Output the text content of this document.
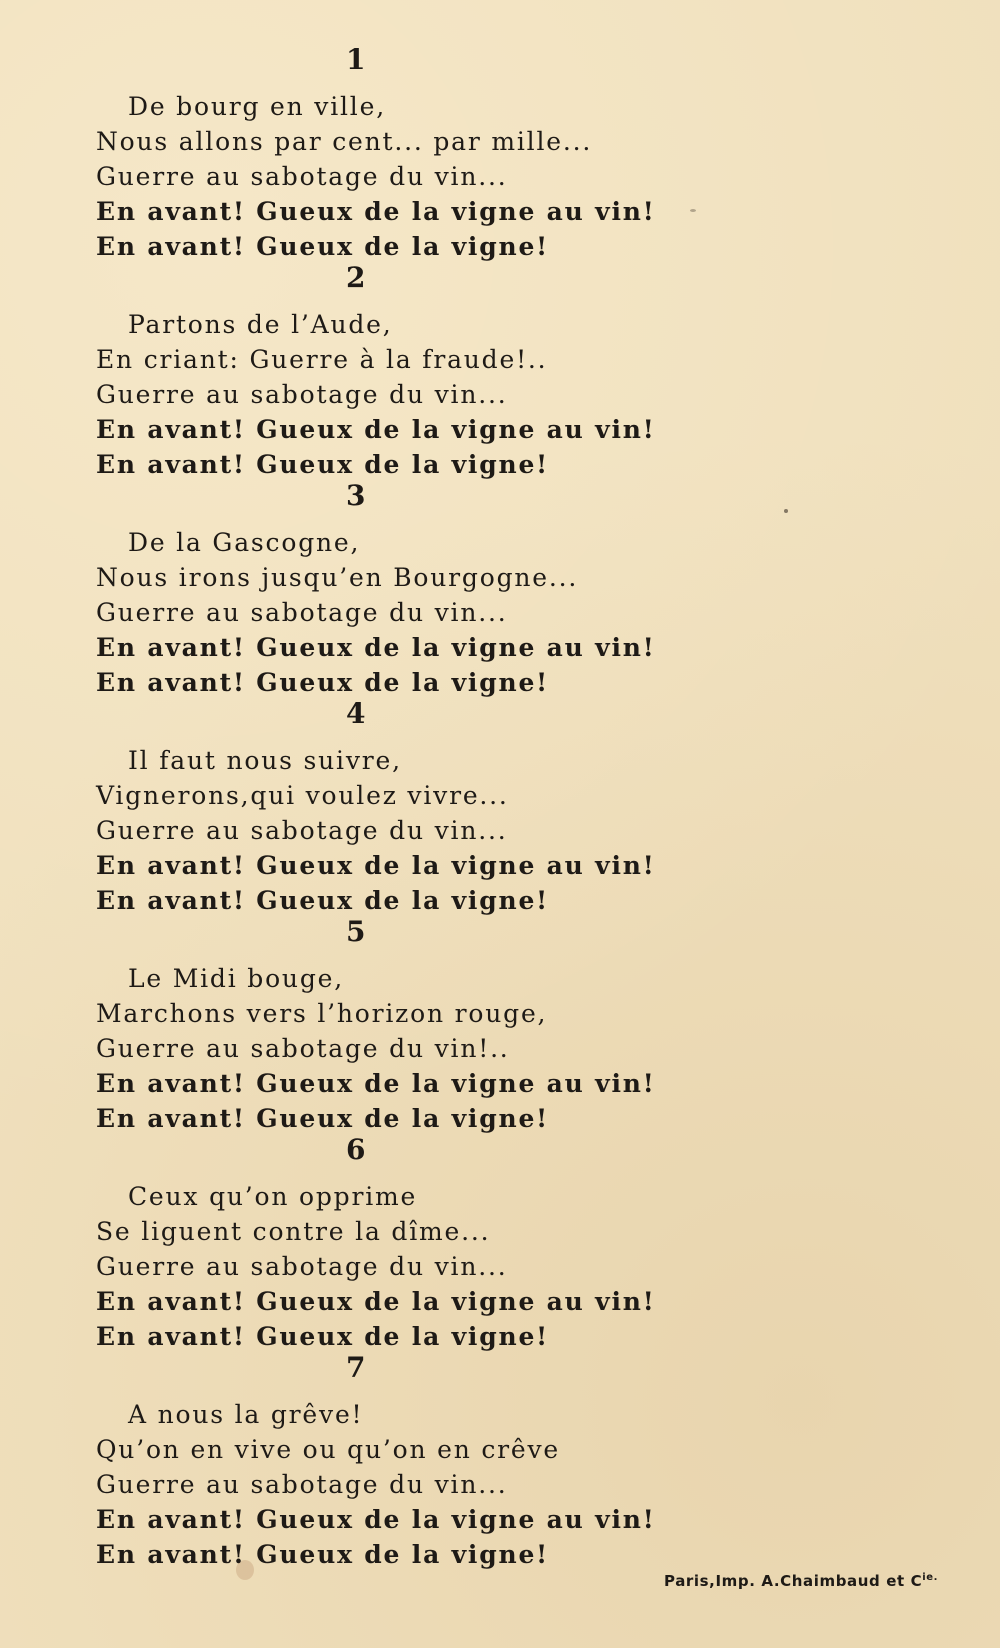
1
De bourg en ville,
Nous allons par cent... par mille...
Guerre au sabotage du vin...
En avant! Gueux de la vigne au vin!
En avant! Gueux de la vigne!
2
Partons de l’Aude,
En criant: Guerre à la fraude!..
Guerre au sabotage du vin...
En avant! Gueux de la vigne au vin!
En avant! Gueux de la vigne!
3
De la Gascogne,
Nous irons jusqu’en Bourgogne...
Guerre au sabotage du vin...
En avant! Gueux de la vigne au vin!
En avant! Gueux de la vigne!
4
Il faut nous suivre,
Vignerons,qui voulez vivre...
Guerre au sabotage du vin...
En avant! Gueux de la vigne au vin!
En avant! Gueux de la vigne!
5
Le Midi bouge,
Marchons vers l’horizon rouge,
Guerre au sabotage du vin!..
En avant! Gueux de la vigne au vin!
En avant! Gueux de la vigne!
6
Ceux qu’on opprime
Se liguent contre la dîme...
Guerre au sabotage du vin...
En avant! Gueux de la vigne au vin!
En avant! Gueux de la vigne!
7
A nous la grêve!
Qu’on en vive ou qu’on en crêve
Guerre au sabotage du vin...
En avant! Gueux de la vigne au vin!
En avant! Gueux de la vigne!
Paris,Imp. A.Chaimbaud et $C^{ie.}$
